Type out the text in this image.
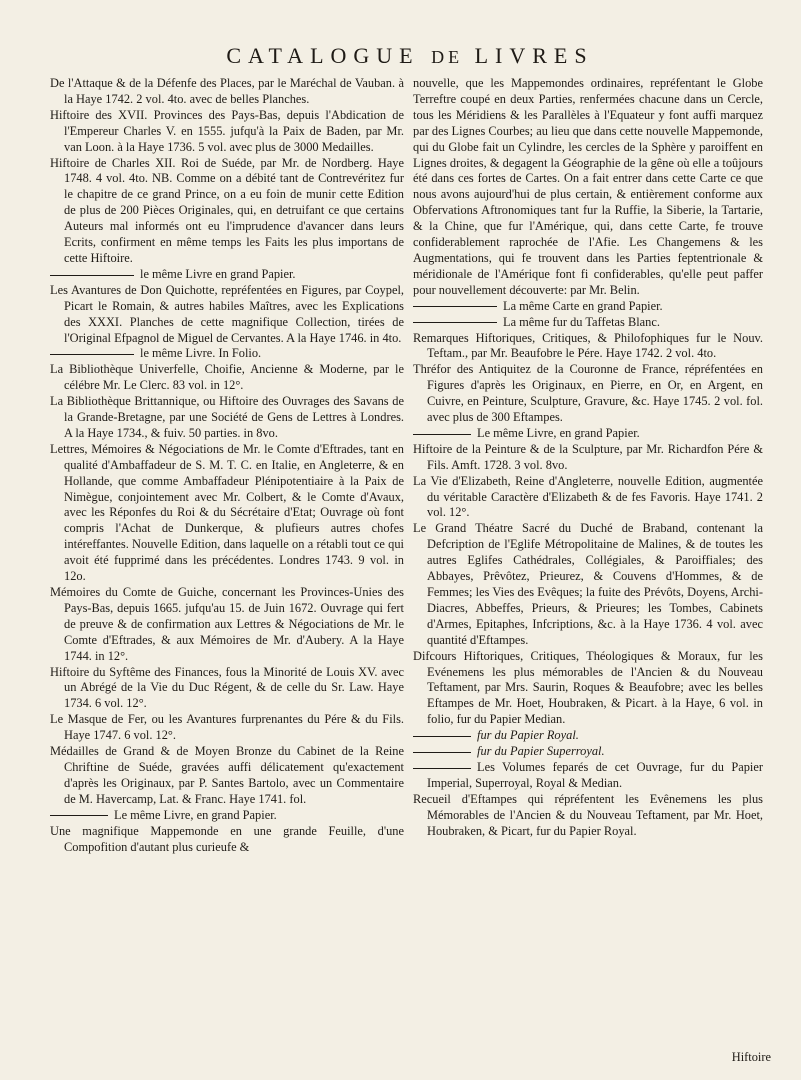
CATALOGUE DE LIVRES

De l'Attaque & de la Défenfe des Places, par le Maréchal de Vauban. à la Haye 1742. 2 vol. 4to. avec de belles Planches.

Hiftoire des XVII. Provinces des Pays-Bas, depuis l'Abdication de l'Empereur Charles V. en 1555. jufqu'à la Paix de Baden, par Mr. van Loon. à la Haye 1736. 5 vol. avec plus de 3000 Medailles.

Hiftoire de Charles XII. Roi de Suéde, par Mr. de Nordberg. Haye 1748. 4 vol. 4to. NB. Comme on a débité tant de Contrevéritez fur le chapitre de ce grand Prince, on a eu foin de munir cette Edition de plus de 200 Pièces Originales, qui, en detruifant ce que certains Auteurs mal informés ont eu l'imprudence d'avancer dans leurs Ecrits, confirment en même temps les Faits les plus importans de cette Hiftoire.

le même Livre en grand Papier.

Les Avantures de Don Quichotte, repréfentées en Figures, par Coypel, Picart le Romain, & autres habiles Maîtres, avec les Explications des XXXI. Planches de cette magnifique Collection, tirées de l'Original Efpagnol de Miguel de Cervantes. A la Haye 1746. in 4to.

le même Livre. In Folio.

La Bibliothèque Univerfelle, Choifie, Ancienne & Moderne, par le célébre Mr. Le Clerc. 83 vol. in 12°.

La Bibliothèque Brittannique, ou Hiftoire des Ouvrages des Savans de la Grande-Bretagne, par une Société de Gens de Lettres à Londres. A la Haye 1734., & fuiv. 50 parties. in 8vo.

Lettres, Mémoires & Négociations de Mr. le Comte d'Eftrades, tant en qualité d'Ambaffadeur de S. M. T. C. en Italie, en Angleterre, & en Hollande, que comme Ambaffadeur Plénipotentiaire à la Paix de Nimègue, conjointement avec Mr. Colbert, & le Comte d'Avaux, avec les Réponfes du Roi & du Sécrétaire d'Etat; Ouvrage où font compris l'Achat de Dunkerque, & plufieurs autres chofes intéreffantes. Nouvelle Edition, dans laquelle on a rétabli tout ce qui avoit été fupprimé dans les précédentes. Londres 1743. 9 vol. in 12o.

Mémoires du Comte de Guiche, concernant les Provinces-Unies des Pays-Bas, depuis 1665. jufqu'au 15. de Juin 1672. Ouvrage qui fert de preuve & de confirmation aux Lettres & Négociations de Mr. le Comte d'Eftrades, & aux Mémoires de Mr. d'Aubery. A la Haye 1744. in 12°.

Hiftoire du Syftême des Finances, fous la Minorité de Louis XV. avec un Abrégé de la Vie du Duc Régent, & de celle du Sr. Law. Haye 1734. 6 vol. 12°.

Le Masque de Fer, ou les Avantures furprenantes du Pére & du Fils. Haye 1747. 6 vol. 12°.

Médailles de Grand & de Moyen Bronze du Cabinet de la Reine Chriftine de Suéde, gravées auffi délicatement qu'exactement d'après les Originaux, par P. Santes Bartolo, avec un Commentaire de M. Havercamp, Lat. & Franc. Haye 1741. fol.

Le même Livre, en grand Papier.

Une magnifique Mappemonde en une grande Feuille, d'une Compofition d'autant plus curieufe &

nouvelle, que les Mappemondes ordinaires, repréfentant le Globe Terreftre coupé en deux Parties, renfermées chacune dans un Cercle, tous les Méridiens & les Parallèles à l'Equateur y font auffi marquez par des Lignes Courbes; au lieu que dans cette nouvelle Mappemonde, qui du Globe fait un Cylindre, les cercles de la Sphère y paroiffent en Lignes droites, & degagent la Géographie de la gêne où elle a toûjours été dans ces fortes de Cartes. On a fait entrer dans cette Carte ce que nous avons aujourd'hui de plus certain, & entièrement conforme aux Obfervations Aftronomiques tant fur la Ruffie, la Siberie, la Tartarie, & la Chine, que fur l'Amérique, qui, dans cette Carte, fe trouve confiderablement raprochée de l'Afie. Les Changemens & les Augmentations, qui fe trouvent dans les Parties feptentrionale & méridionale de l'Amérique font fi confiderables, qu'elle peut paffer pour nouvellement découverte: par Mr. Belin.

La même Carte en grand Papier.

La même fur du Taffetas Blanc.

Remarques Hiftoriques, Critiques, & Philofophiques fur le Nouv. Teftam., par Mr. Beaufobre le Pére. Haye 1742. 2 vol. 4to.

Thréfor des Antiquitez de la Couronne de France, répréfentées en Figures d'après les Originaux, en Pierre, en Or, en Argent, en Cuivre, en Peinture, Sculpture, Gravure, &c. Haye 1745. 2 vol. fol. avec plus de 300 Eftampes.

Le même Livre, en grand Papier.

Hiftoire de la Peinture & de la Sculpture, par Mr. Richardfon Pére & Fils. Amft. 1728. 3 vol. 8vo.

La Vie d'Elizabeth, Reine d'Angleterre, nouvelle Edition, augmentée du véritable Caractère d'Elizabeth & de fes Favoris. Haye 1741. 2 vol. 12°.

Le Grand Théatre Sacré du Duché de Braband, contenant la Defcription de l'Eglife Métropolitaine de Malines, & de toutes les autres Eglifes Cathédrales, Collégiales, & Paroiffiales; des Abbayes, Prêvôtez, Prieurez, & Couvens d'Hommes, & de Femmes; les Vies des Evêques; la fuite des Prévôts, Doyens, Archi-Diacres, Abbeffes, Prieurs, & Prieures; les Tombes, Cabinets d'Armes, Epitaphes, Infcriptions, &c. à la Haye 1736. 4 vol. avec quantité d'Eftampes.

Difcours Hiftoriques, Critiques, Théologiques & Moraux, fur les Evénemens les plus mémorables de l'Ancien & du Nouveau Teftament, par Mrs. Saurin, Roques & Beaufobre; avec les belles Eftampes de Mr. Hoet, Houbraken, & Picart. à la Haye, 6 vol. in folio, fur du Papier Median.

fur du Papier Royal.

fur du Papier Superroyal.

Les Volumes feparés de cet Ouvrage, fur du Papier Imperial, Superroyal, Royal & Median.

Recueil d'Eftampes qui répréfentent les Evênemens les plus Mémorables de l'Ancien & du Nouveau Teftament, par Mr. Hoet, Houbraken, & Picart, fur du Papier Royal.

Hiftoire
